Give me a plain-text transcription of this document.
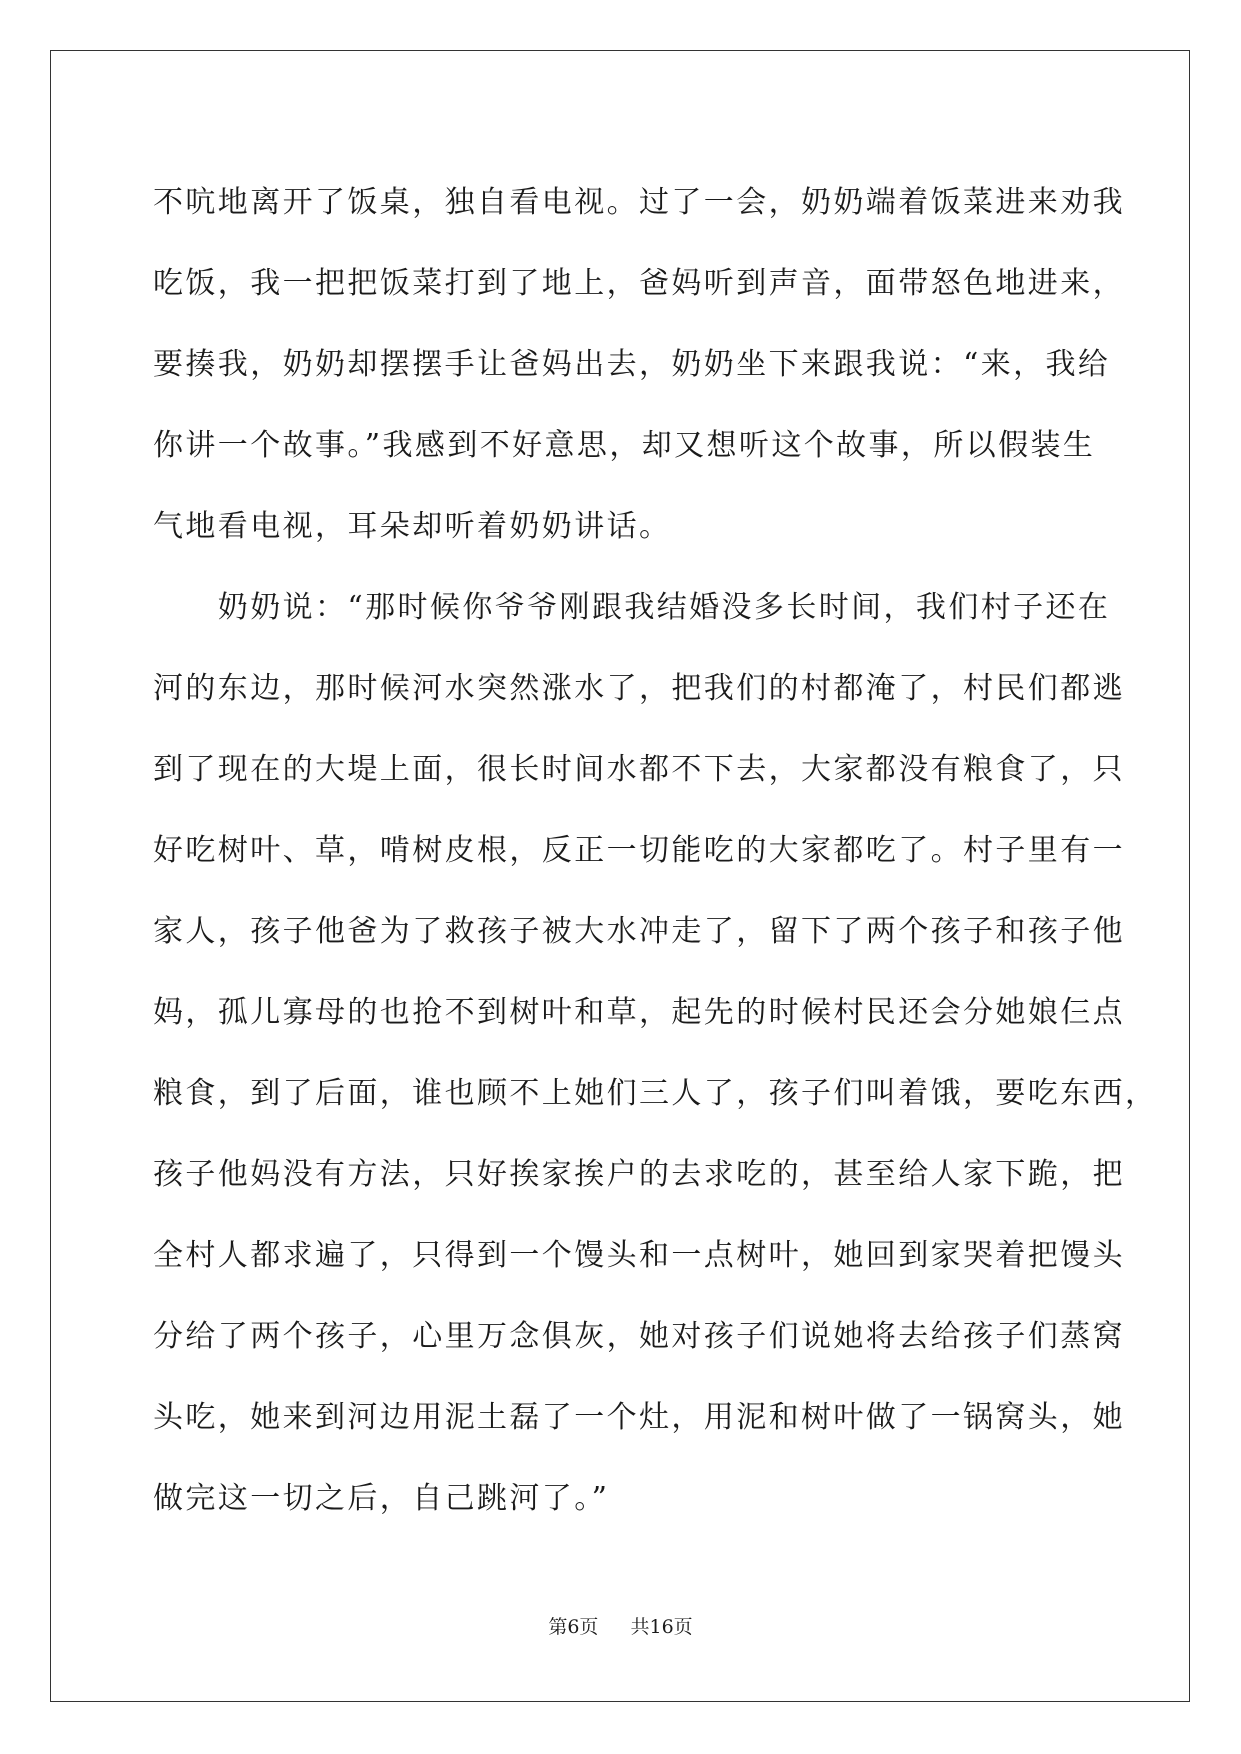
不吭地离开了饭桌，独自看电视。过了一会，奶奶端着饭菜进来劝我
吃饭，我一把把饭菜打到了地上，爸妈听到声音，面带怒色地进来，
要揍我，奶奶却摆摆手让爸妈出去，奶奶坐下来跟我说：“来，我给
你讲一个故事。”我感到不好意思，却又想听这个故事，所以假装生
气地看电视，耳朵却听着奶奶讲话。
　　奶奶说：“那时候你爷爷刚跟我结婚没多长时间，我们村子还在
河的东边，那时候河水突然涨水了，把我们的村都淹了，村民们都逃
到了现在的大堤上面，很长时间水都不下去，大家都没有粮食了，只
好吃树叶、草，啃树皮根，反正一切能吃的大家都吃了。村子里有一
家人，孩子他爸为了救孩子被大水冲走了，留下了两个孩子和孩子他
妈，孤儿寡母的也抢不到树叶和草，起先的时候村民还会分她娘仨点
粮食，到了后面，谁也顾不上她们三人了，孩子们叫着饿，要吃东西，
孩子他妈没有方法，只好挨家挨户的去求吃的，甚至给人家下跪，把
全村人都求遍了，只得到一个馒头和一点树叶，她回到家哭着把馒头
分给了两个孩子，心里万念俱灰，她对孩子们说她将去给孩子们蒸窝
头吃，她来到河边用泥土磊了一个灶，用泥和树叶做了一锅窝头，她
做完这一切之后，自己跳河了。”
第6页 共16页
